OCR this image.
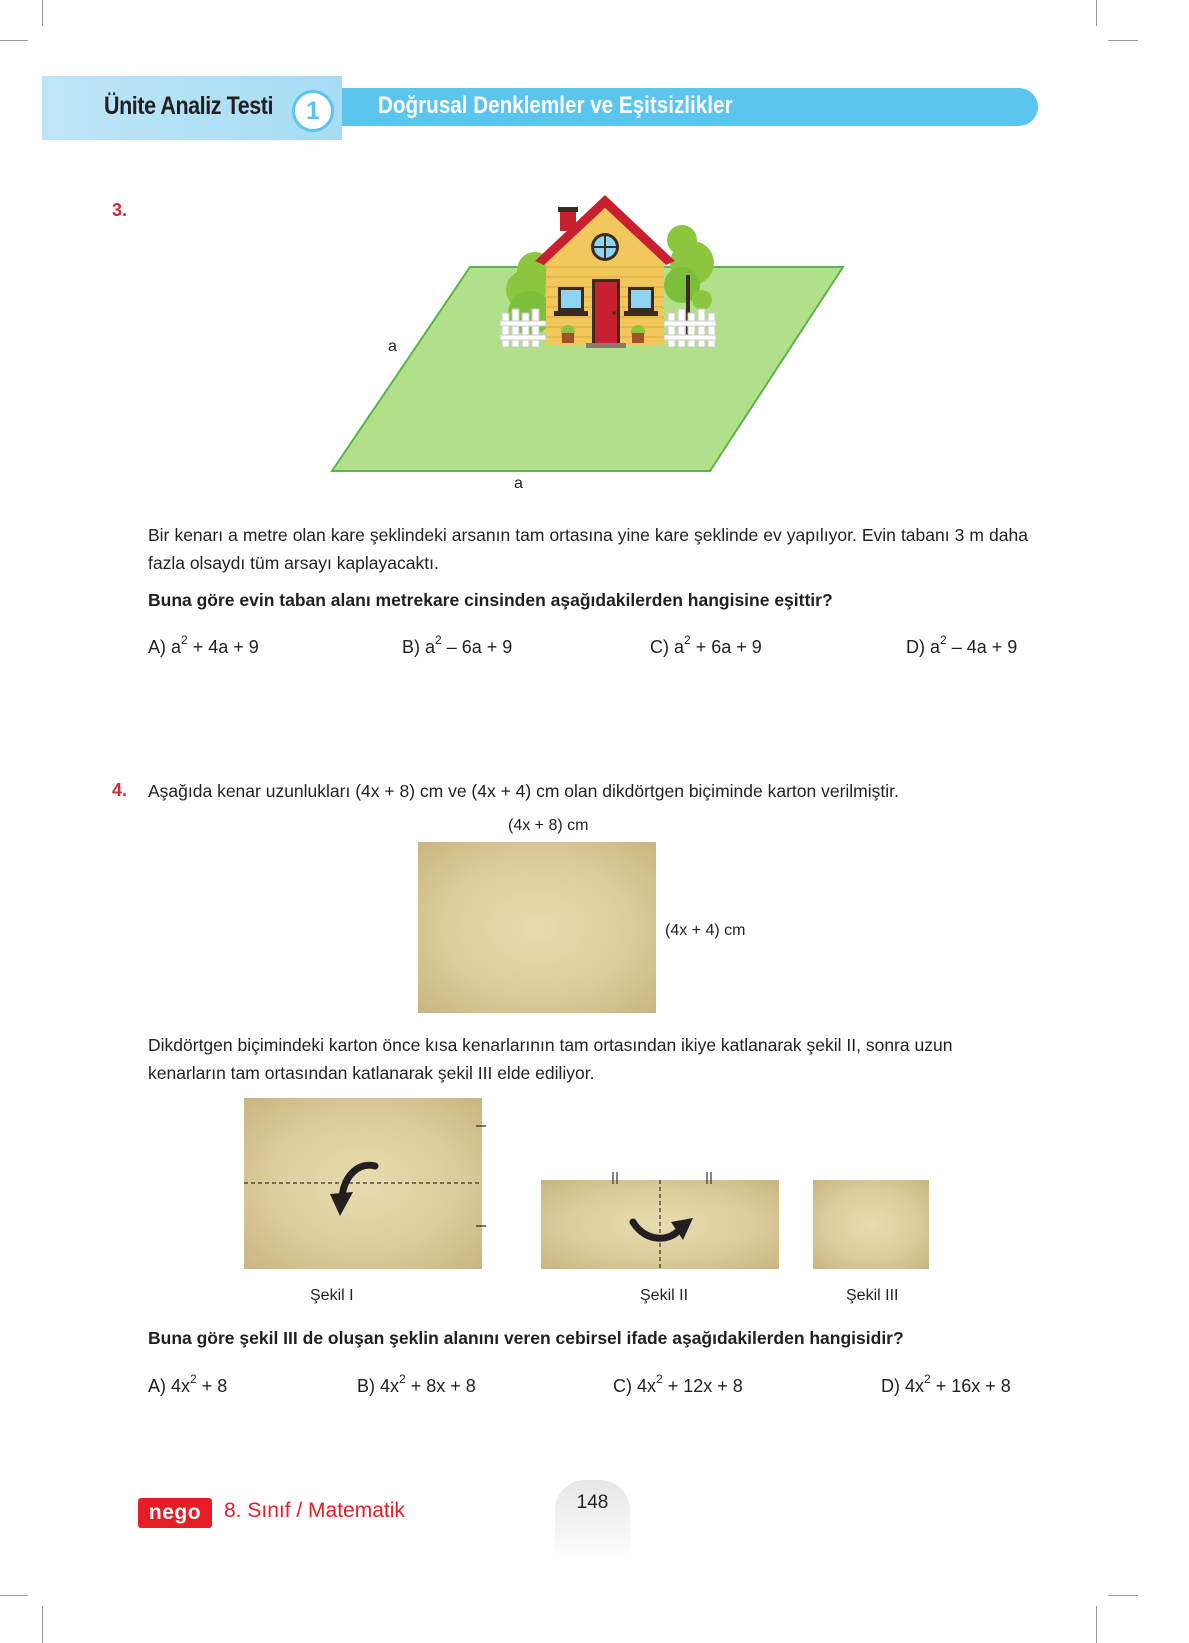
Ünite Analiz Testi 1 Doğrusal Denklemler ve Eşitsizlikler
3.
a
a
Bir kenarı a metre olan kare şeklindeki arsanın tam ortasına yine kare şeklinde ev yapılıyor. Evin tabanı 3 m daha fazla olsaydı tüm arsayı kaplayacaktı.
Buna göre evin taban alanı metrekare cinsinden aşağıdakilerden hangisine eşittir?
A) $a^2 + 4a + 9$	B) $a^2 - 6a + 9$	C) $a^2 + 6a + 9$	D) $a^2 - 4a + 9$
4. Aşağıda kenar uzunlukları (4x + 8) cm ve (4x + 4) cm olan dikdörtgen biçiminde karton verilmiştir.
(4x + 8) cm
(4x + 4) cm
Dikdörtgen biçimindeki karton önce kısa kenarlarının tam ortasından ikiye katlanarak şekil II, sonra uzun kenarların tam ortasından katlanarak şekil III elde ediliyor.
Şekil I	Şekil II	Şekil III
Buna göre şekil III de oluşan şeklin alanını veren cebirsel ifade aşağıdakilerden hangisidir?
A) $4x^2 + 8$	B) $4x^2 + 8x + 8$	C) $4x^2 + 12x + 8$	D) $4x^2 + 16x + 8$
148
nego	8. Sınıf / Matematik
